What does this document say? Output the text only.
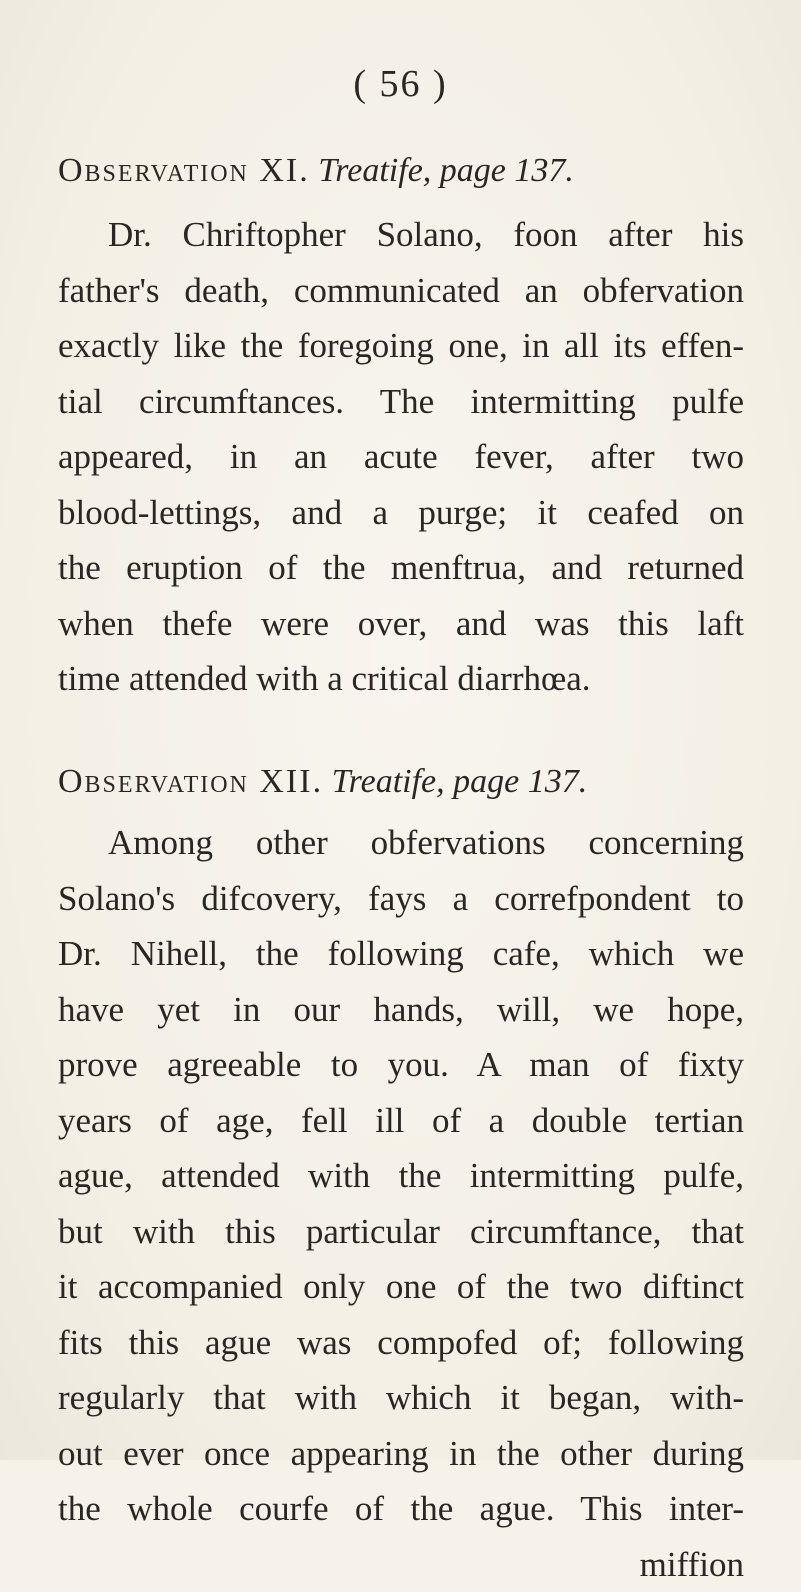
( 56 )
Observation XI. Treatife, page 137.
Dr. Chriftopher Solano, foon after his
father's death, communicated an obfervation
exactly like the foregoing one, in all its effen-
tial circumftances. The intermitting pulfe
appeared, in an acute fever, after two
blood-lettings, and a purge; it ceafed on
the eruption of the menftrua, and returned
when thefe were over, and was this laft
time attended with a critical diarrhœa.
Observation XII. Treatife, page 137.
Among other obfervations concerning
Solano's difcovery, fays a correfpondent to
Dr. Nihell, the following cafe, which we
have yet in our hands, will, we hope,
prove agreeable to you. A man of fixty
years of age, fell ill of a double tertian
ague, attended with the intermitting pulfe,
but with this particular circumftance, that
it accompanied only one of the two diftinct
fits this ague was compofed of; following
regularly that with which it began, with-
out ever once appearing in the other during
the whole courfe of the ague. This inter-
miffion
